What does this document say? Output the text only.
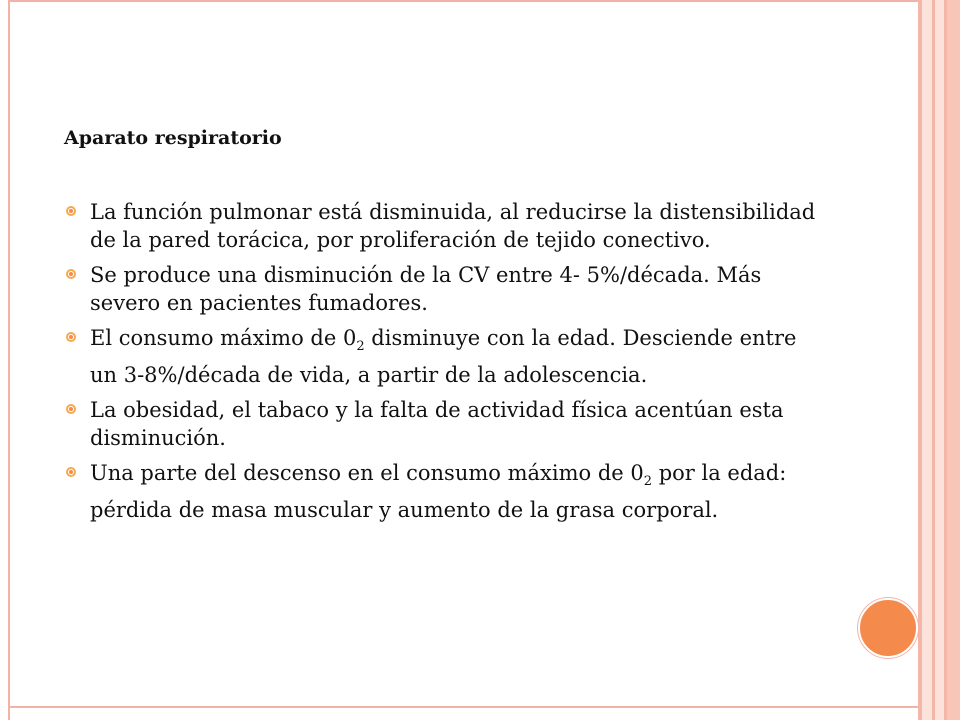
Aparato respiratorio
La función pulmonar está disminuida, al reducirse la distensibilidad de la pared torácica, por proliferación de tejido conectivo.
Se produce una disminución de la CV entre 4- 5%/década. Más severo en pacientes fumadores.
El consumo máximo de $0_2$ disminuye con la edad. Desciende entre un 3-8%/década de vida, a partir de la adolescencia.
La obesidad, el tabaco y la falta de actividad física acentúan esta disminución.
Una parte del descenso en el consumo máximo de $0_2$ por la edad: pérdida de masa muscular y aumento de la grasa corporal.
